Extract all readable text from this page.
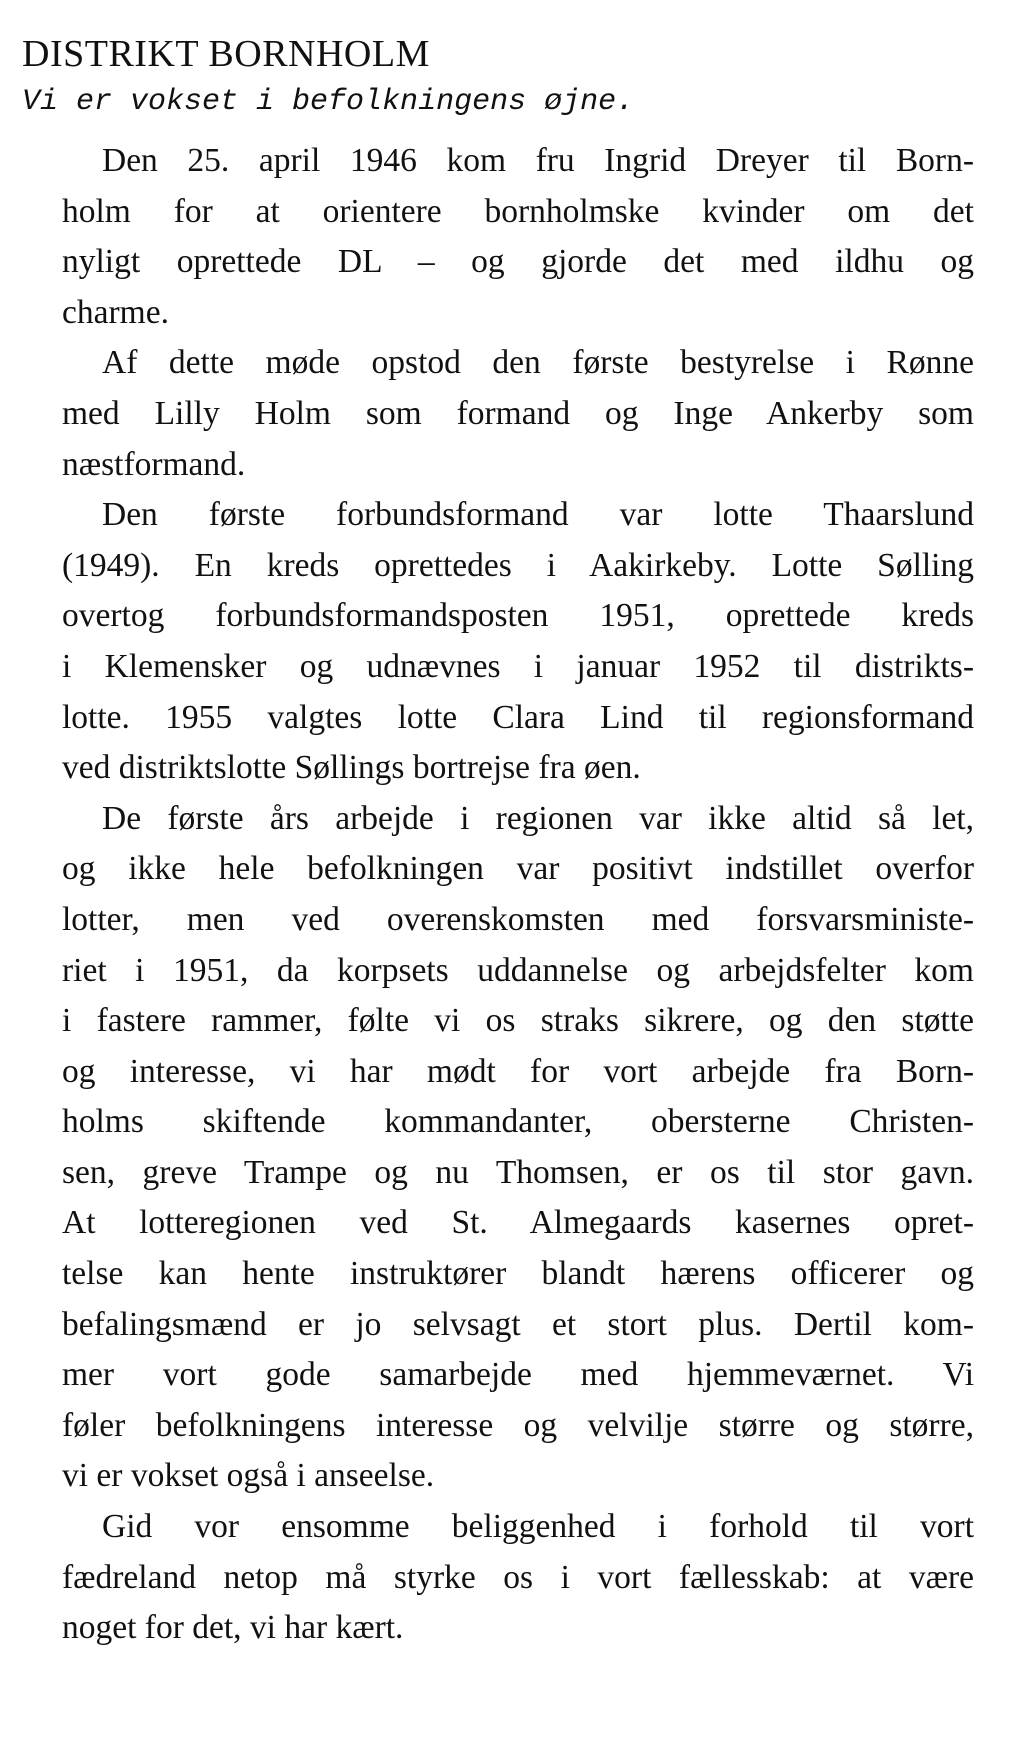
DISTRIKT BORNHOLM
Vi er vokset i befolkningens øjne.
Den 25. april 1946 kom fru Ingrid Dreyer til Born-
holm for at orientere bornholmske kvinder om det
nyligt oprettede DL – og gjorde det med ildhu og
charme.
Af dette møde opstod den første bestyrelse i Rønne
med Lilly Holm som formand og Inge Ankerby som
næstformand.
Den første forbundsformand var lotte Thaarslund
(1949). En kreds oprettedes i Aakirkeby. Lotte Sølling
overtog forbundsformandsposten 1951, oprettede kreds
i Klemensker og udnævnes i januar 1952 til distrikts-
lotte. 1955 valgtes lotte Clara Lind til regionsformand
ved distriktslotte Søllings bortrejse fra øen.
De første års arbejde i regionen var ikke altid så let,
og ikke hele befolkningen var positivt indstillet overfor
lotter, men ved overenskomsten med forsvarsministe-
riet i 1951, da korpsets uddannelse og arbejdsfelter kom
i fastere rammer, følte vi os straks sikrere, og den støtte
og interesse, vi har mødt for vort arbejde fra Born-
holms skiftende kommandanter, obersterne Christen-
sen, greve Trampe og nu Thomsen, er os til stor gavn.
At lotteregionen ved St. Almegaards kasernes opret-
telse kan hente instruktører blandt hærens officerer og
befalingsmænd er jo selvsagt et stort plus. Dertil kom-
mer vort gode samarbejde med hjemmeværnet. Vi
føler befolkningens interesse og velvilje større og større,
vi er vokset også i anseelse.
Gid vor ensomme beliggenhed i forhold til vort
fædreland netop må styrke os i vort fællesskab: at være
noget for det, vi har kært.
